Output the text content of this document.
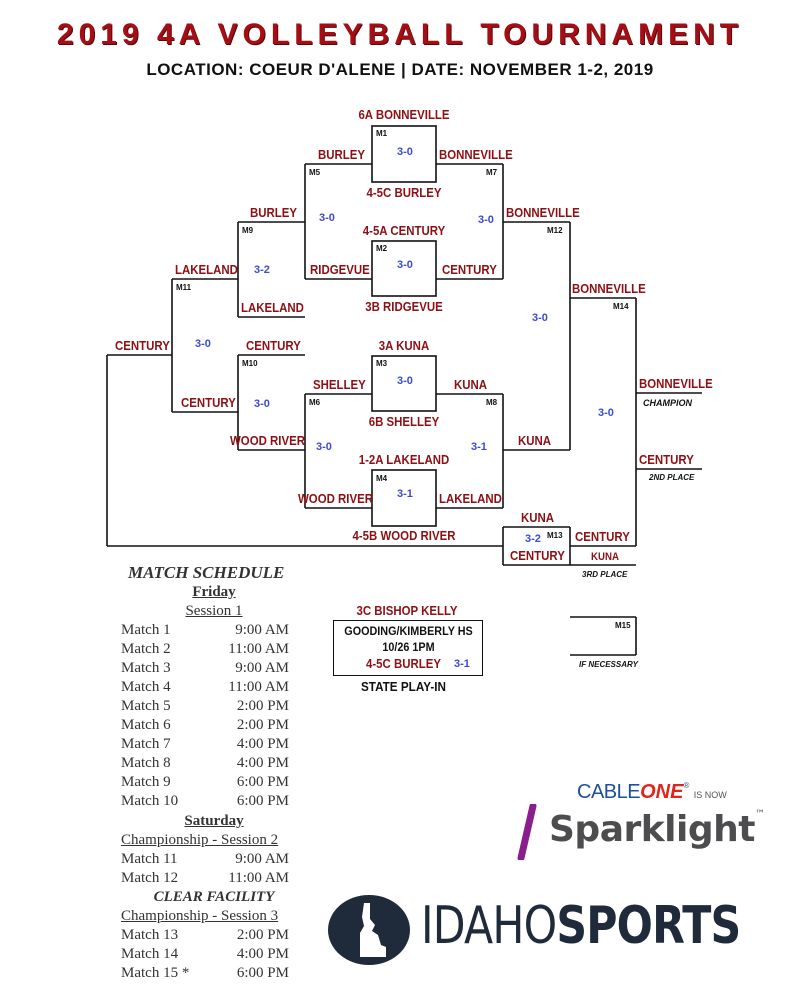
2019 4A VOLLEYBALL TOURNAMENT
LOCATION: COEUR D'ALENE | DATE: NOVEMBER 1-2, 2019
M1
M2
M3
M4
M5
M6
M7
M8
M9
M10
M11
M12
M13
M14
M15
6A BONNEVILLE
4-5C BURLEY
4-5A CENTURY
3B RIDGEVUE
3A KUNA
6B SHELLEY
1-2A LAKELAND
4-5B WOOD RIVER
BURLEY
RIDGEVUE
BONNEVILLE
CENTURY
SHELLEY
WOOD RIVER
KUNA
LAKELAND
BURLEY
LAKELAND
CENTURY
WOOD RIVER
LAKELAND
CENTURY
CENTURY
BONNEVILLE
KUNA
BONNEVILLE
CENTURY
KUNA
CENTURY
BONNEVILLE
CHAMPION
CENTURY
2ND PLACE
KUNA
3RD PLACE
IF NECESSARY
3-0
3-0
3-0
3-1
3-0
3-0
3-0
3-1
3-2
3-0
3-0
3-0
3-2
3-0
3C BISHOP KELLY
GOODING/KIMBERLY HS
10/26 1PM
4-5C BURLEY 3-1
STATE PLAY-IN
MATCH SCHEDULE
Friday
Session 1
Match 1	9:00 AM
Match 2	11:00 AM
Match 3	9:00 AM
Match 4	11:00 AM
Match 5	2:00 PM
Match 6	2:00 PM
Match 7	4:00 PM
Match 8	4:00 PM
Match 9	6:00 PM
Match 10	6:00 PM
Saturday
Championship - Session 2
Match 11	9:00 AM
Match 12	11:00 AM
CLEAR FACILITY
Championship - Session 3
Match 13	2:00 PM
Match 14	4:00 PM
Match 15 *	6:00 PM
CABLEONE® IS NOW
Sparklight™
IDAHOSPORTS
